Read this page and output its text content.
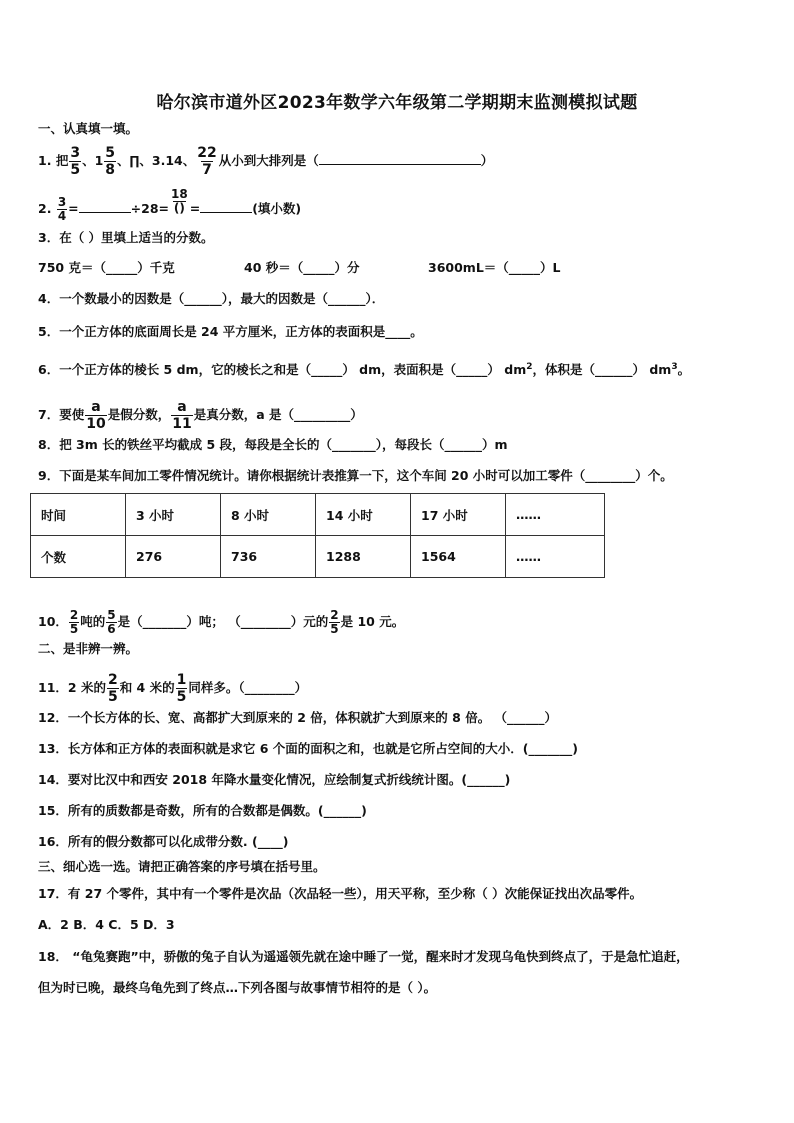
哈尔滨市道外区2023年数学六年级第二学期期末监测模拟试题
一、认真填一填。
1. 把 $\frac{3}{5}$ 、$1 \frac{5}{8}$ 、∏、3.14、 $\frac{22}{7}$ 从小到大排列是（	）
2. $\frac{3}{4}$ =	$\div 28= \frac{18}{()}$ =	(填小数)
3．在（ ）里填上适当的分数。
750 克＝（_____）千克	40 秒＝（_____）分	3600mL＝（_____）L
4．一个数最小的因数是（______），最大的因数是（______）．
5．一个正方体的底面周长是 24 平方厘米，正方体的表面积是____。
6．一个正方体的棱长 5 dm，它的棱长之和是（_____） dm，表面积是（_____） $dm^2$，体积是（______） $dm^3$。
7．要使 $\frac{a}{10}$ 是假分数， $\frac{a}{11}$ 是真分数，a 是（_________）
8．把 3m 长的铁丝平均截成 5 段，每段是全长的（_______），每段长（______）m
9．下面是某车间加工零件情况统计。请你根据统计表推算一下，这个车间 20 小时可以加工零件（________）个。
时间	3 小时	8 小时	14 小时	17 小时	……
个数	276	736	1288	1564	……
10． $\frac{2}{5}$ 吨的 $\frac{5}{6}$ 是（_______）吨； （________）元的 $\frac{2}{5}$ 是 10 元。
二、是非辨一辨。
11．2 米的 $\frac{2}{5}$ 和 4 米的 $\frac{1}{5}$ 同样多。（________）
12．一个长方体的长、宽、高都扩大到原来的 2 倍，体积就扩大到原来的 8 倍。 （______）
13．长方体和正方体的表面积就是求它 6 个面的面积之和，也就是它所占空间的大小．(_______)
14．要对比汉中和西安 2018 年降水量变化情况，应绘制复式折线统计图。(______)
15．所有的质数都是奇数，所有的合数都是偶数。(______)
16．所有的假分数都可以化成带分数. (____)
三、细心选一选。请把正确答案的序号填在括号里。
17．有 27 个零件，其中有一个零件是次品（次品轻一些），用天平称，至少称（ ）次能保证找出次品零件。
A．2 B．4 C．5 D．3
18． “龟兔赛跑”中，骄傲的兔子自认为遥遥领先就在途中睡了一觉，醒来时才发现乌龟快到终点了，于是急忙追赶，
但为时已晚，最终乌龟先到了终点…下列各图与故事情节相符的是（ ）。
